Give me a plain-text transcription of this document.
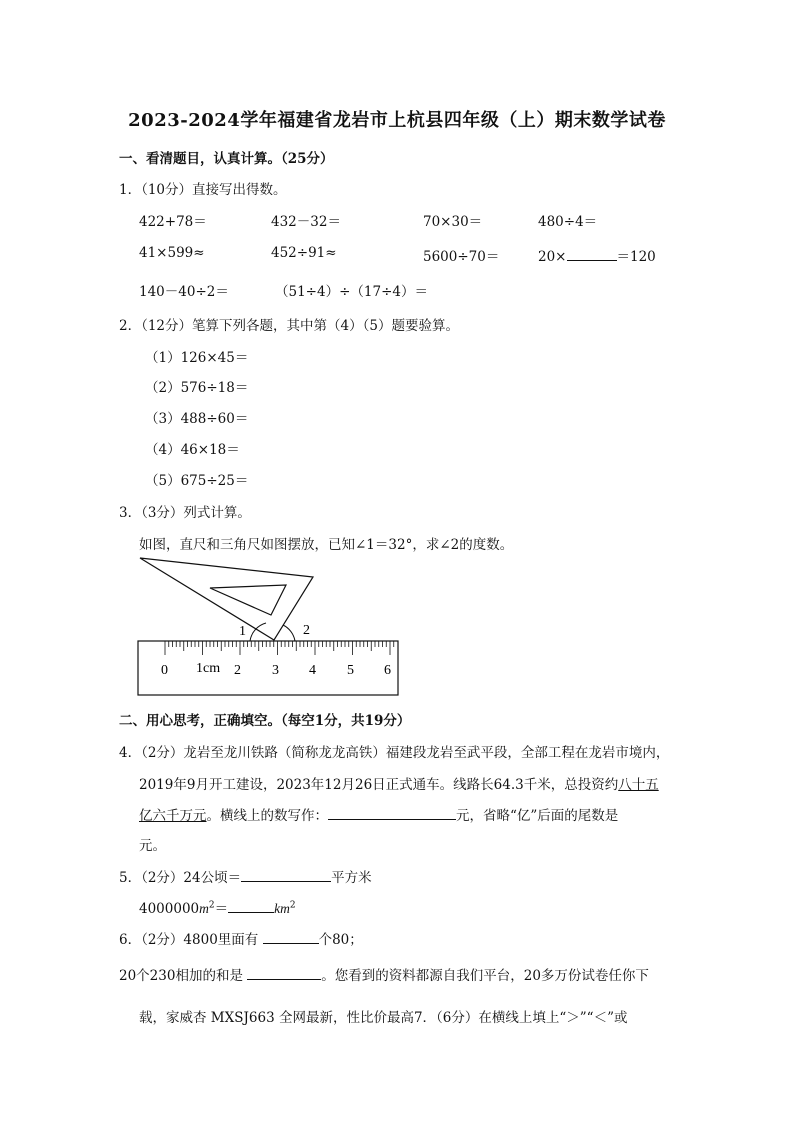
2023-2024学年福建省龙岩市上杭县四年级（上）期末数学试卷
一、看清题目，认真计算。（25分）
1．（10分）直接写出得数。
422+78＝	432－32＝	70×30＝	480÷4＝
41×599≈	452÷91≈	5600÷70＝	20×	＝120
140－40÷2＝	（51÷4）÷（17÷4）＝
2．（12分）笔算下列各题，其中第（4）（5）题要验算。
（1）126×45＝
（2）576÷18＝
（3）488÷60＝
（4）46×18＝
（5）675÷25＝
3．（3分）列式计算。
如图，直尺和三角尺如图摆放，已知∠1＝32°，求∠2的度数。
1	2
0 1cm 2 3 4 5 6
二、用心思考，正确填空。（每空1分，共19分）
4．（2分）龙岩至龙川铁路（简称龙龙高铁）福建段龙岩至武平段，全部工程在龙岩市境内，
2019年9月开工建设，2023年12月26日正式通车。线路长64.3千米，总投资约八十五
亿六千万元。横线上的数写作：	元，省略“亿”后面的尾数是
元。
5．（2分）24公顷＝	平方米
$4000000m^2=$	$km^2$
6．（2分）4800里面有	个80；
20个230相加的和是	。您看到的资料都源自我们平台，20多万份试卷任你下
载，家威杏 MXSJ663 全网最新，性比价最高7．（6分）在横线上填上“＞”“＜”或
